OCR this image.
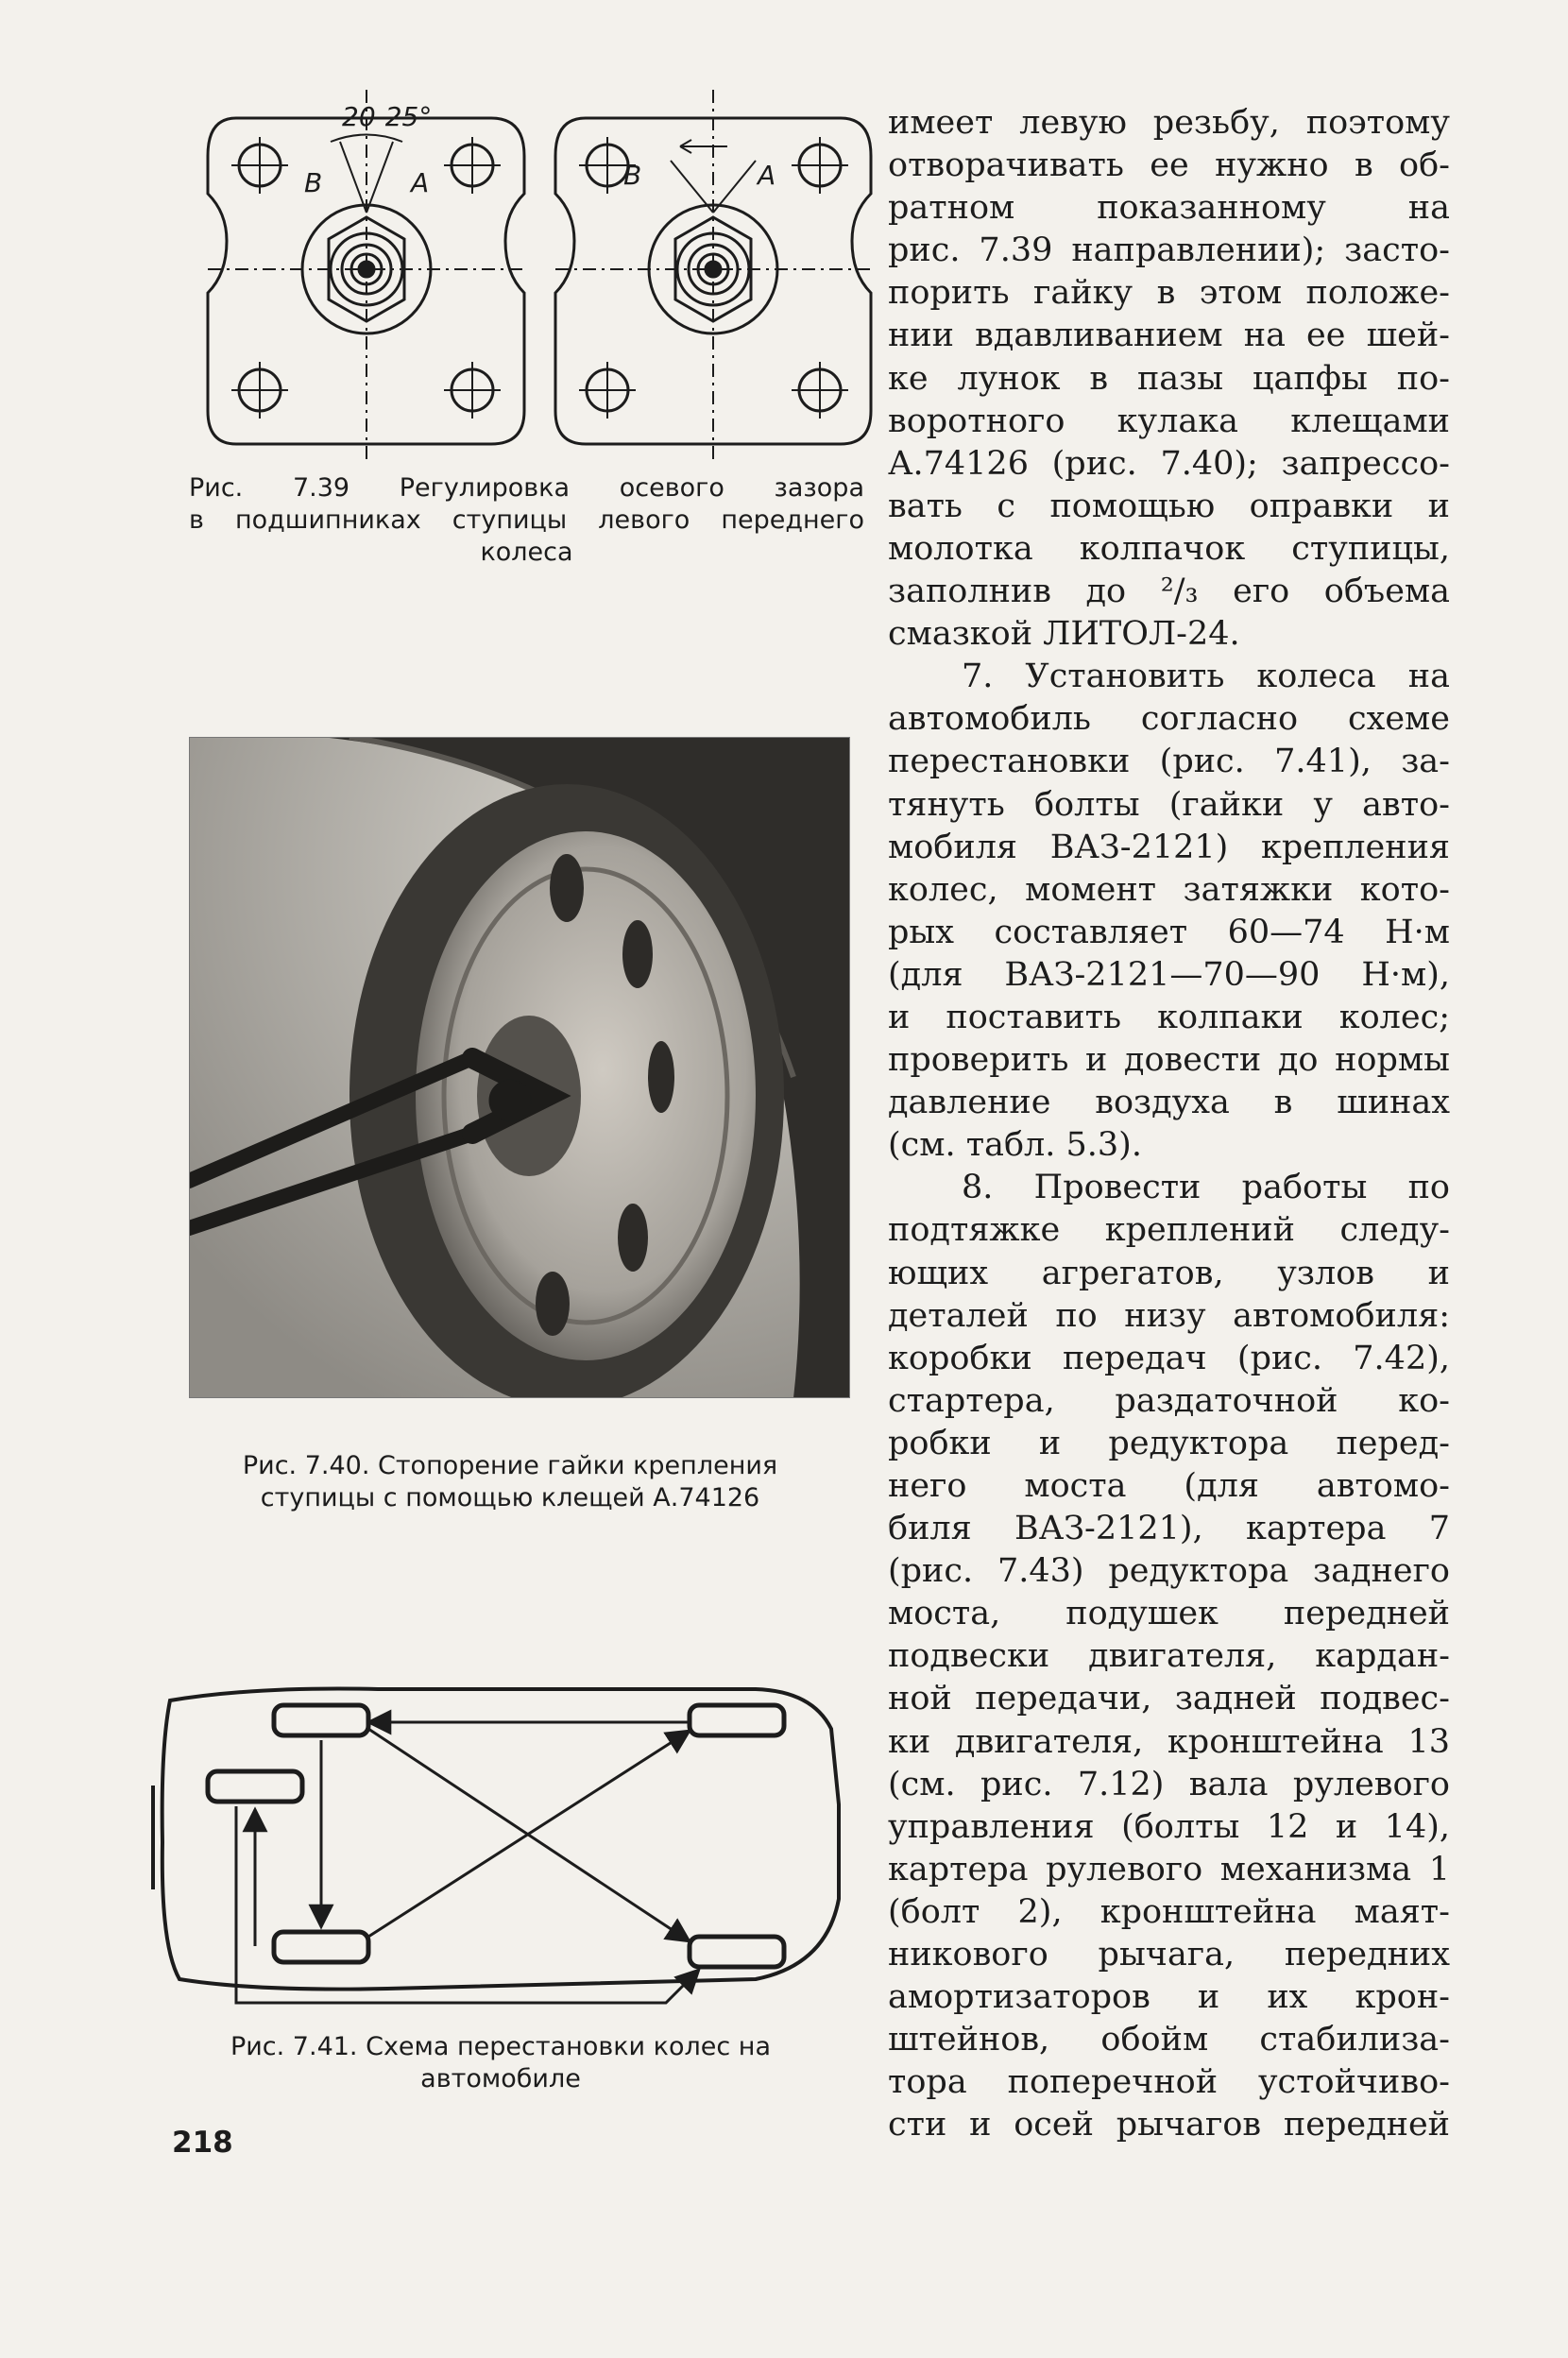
20-25°
В	А	В	А
Рис. 7.39 Регулировка осевого зазора
в подшипниках ступицы левого переднего
колеса
Рис. 7.40. Стопорение гайки крепления
ступицы с помощью клещей А.74126
Рис. 7.41. Схема перестановки колес на
автомобиле
218
имеет левую резьбу, поэтому
отворачивать ее нужно в об-
ратном показанному на
рис. 7.39 направлении); засто-
порить гайку в этом положе-
нии вдавливанием на ее шей-
ке лунок в пазы цапфы по-
воротного кулака клещами
А.74126 (рис. 7.40); запрессо-
вать с помощью оправки и
молотка колпачок ступицы,
заполнив до ²/₃ его объема
смазкой ЛИТОЛ-24.
7. Установить колеса на
автомобиль согласно схеме
перестановки (рис. 7.41), за-
тянуть болты (гайки у авто-
мобиля ВАЗ-2121) крепления
колес, момент затяжки кото-
рых составляет 60—74 Н·м
(для ВАЗ-2121—70—90 Н·м),
и поставить колпаки колес;
проверить и довести до нормы
давление воздуха в шинах
(см. табл. 5.3).
8. Провести работы по
подтяжке креплений следу-
ющих агрегатов, узлов и
деталей по низу автомобиля:
коробки передач (рис. 7.42),
стартера, раздаточной ко-
робки и редуктора перед-
него моста (для автомо-
биля ВАЗ-2121), картера 7
(рис. 7.43) редуктора заднего
моста, подушек передней
подвески двигателя, кардан-
ной передачи, задней подвес-
ки двигателя, кронштейна 13
(см. рис. 7.12) вала рулевого
управления (болты 12 и 14),
картера рулевого механизма 1
(болт 2), кронштейна маят-
никового рычага, передних
амортизаторов и их крон-
штейнов, обойм стабилиза-
тора поперечной устойчиво-
сти и осей рычагов передней
